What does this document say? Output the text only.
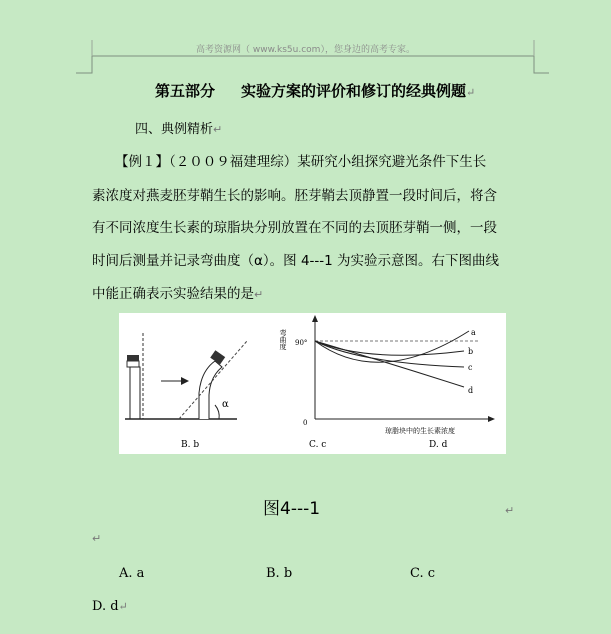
高考资源网（ www.ks5u.com），您身边的高考专家。
第五部分 实验方案的评价和修订的经典例题↵
四、典例精析↵
【例１】（２００９福建理综）某研究小组探究避光条件下生长
素浓度对燕麦胚芽鞘生长的影响。胚芽鞘去顶静置一段时间后，将含
有不同浓度生长素的琼脂块分别放置在不同的去顶胚芽鞘一侧，一段
时间后测量并记录弯曲度（α）。图 4---1 为实验示意图。右下图曲线
中能正确表示实验结果的是↵
α
弯曲度 90°
0
琼脂块中的生长素浓度
a
b
c
d
B. b	C. c	D. d
图4---1	↵
↵
A. a	B. b	C. c
D. d↵
